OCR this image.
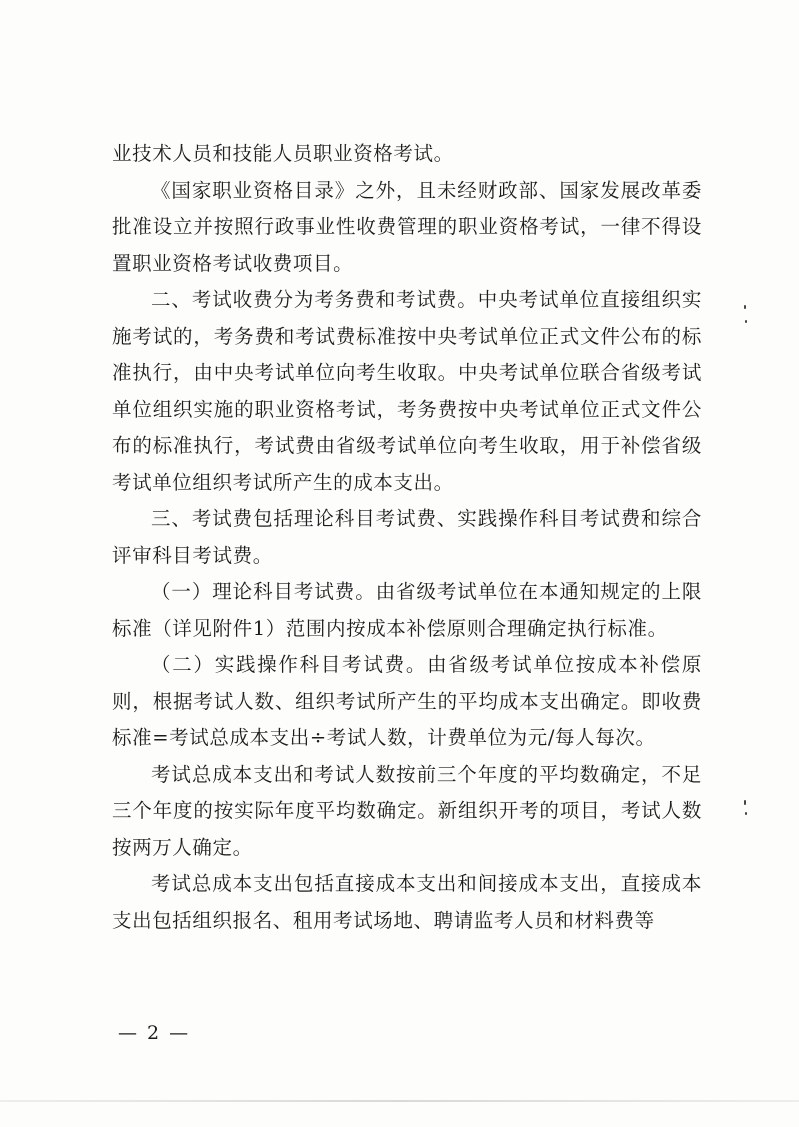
业技术人员和技能人员职业资格考试。

《国家职业资格目录》之外，且未经财政部、国家发展改革委批准设立并按照行政事业性收费管理的职业资格考试，一律不得设置职业资格考试收费项目。

二、考试收费分为考务费和考试费。中央考试单位直接组织实施考试的，考务费和考试费标准按中央考试单位正式文件公布的标准执行，由中央考试单位向考生收取。中央考试单位联合省级考试单位组织实施的职业资格考试，考务费按中央考试单位正式文件公布的标准执行，考试费由省级考试单位向考生收取，用于补偿省级考试单位组织考试所产生的成本支出。

三、考试费包括理论科目考试费、实践操作科目考试费和综合评审科目考试费。

（一）理论科目考试费。由省级考试单位在本通知规定的上限标准（详见附件1）范围内按成本补偿原则合理确定执行标准。

（二）实践操作科目考试费。由省级考试单位按成本补偿原则，根据考试人数、组织考试所产生的平均成本支出确定。即收费标准=考试总成本支出÷考试人数，计费单位为元/每人每次。

考试总成本支出和考试人数按前三个年度的平均数确定，不足三个年度的按实际年度平均数确定。新组织开考的项目，考试人数按两万人确定。

考试总成本支出包括直接成本支出和间接成本支出，直接成本支出包括组织报名、租用考试场地、聘请监考人员和材料费等

— 2 —
